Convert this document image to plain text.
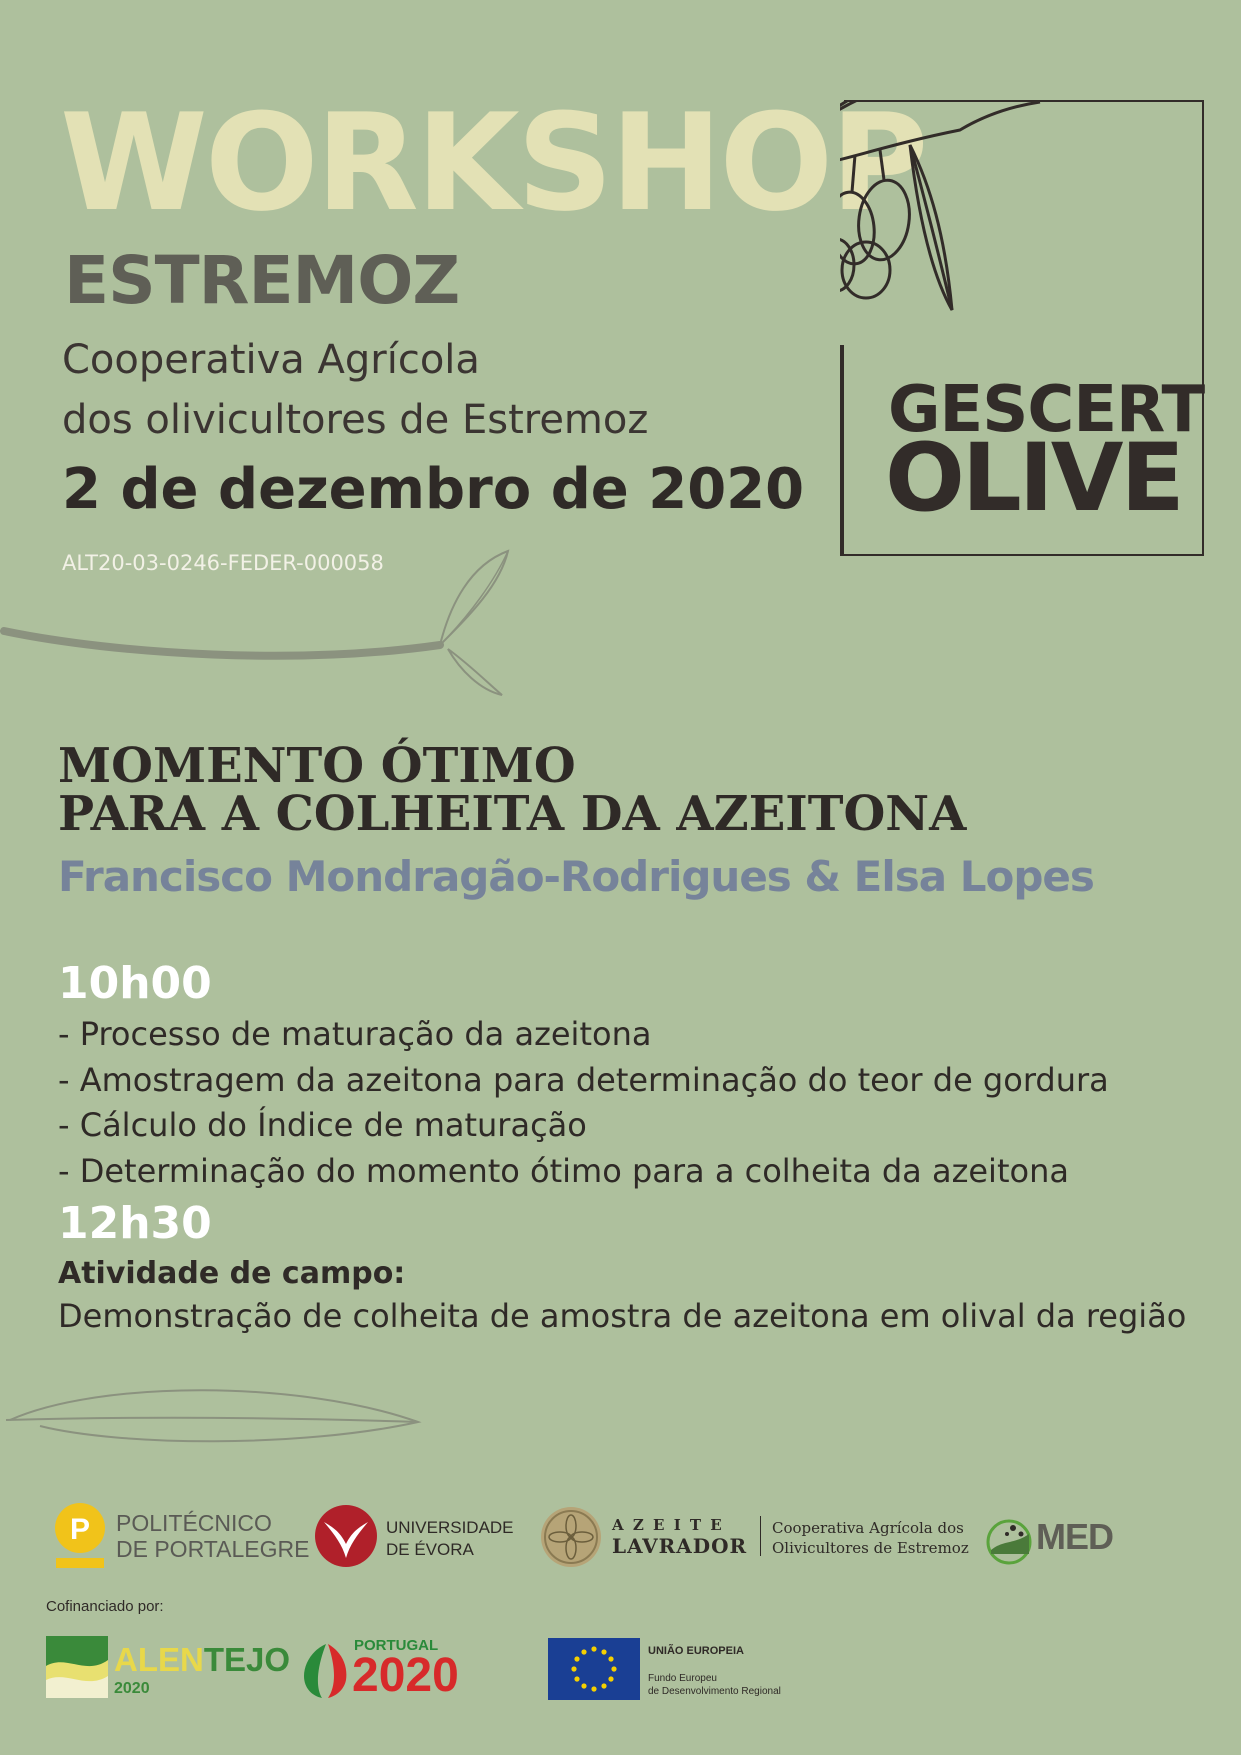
WORKSHOP
ESTREMOZ
Cooperativa Agrícola
dos olivicultores de Estremoz
2 de dezembro de 2020
ALT20-03-0246-FEDER-000058
GESCERT
OLIVE
MOMENTO ÓTIMO
PARA A COLHEITA DA AZEITONA
Francisco Mondragão-Rodrigues & Elsa Lopes
10h00
- Processo de maturação da azeitona
- Amostragem da azeitona para determinação do teor de gordura
- Cálculo do Índice de maturação
- Determinação do momento ótimo para a colheita da azeitona
12h30
Atividade de campo:
Demonstração de colheita de amostra de azeitona em olival da região
P POLITÉCNICO
DE PORTALEGRE
UNIVERSIDADE
DE ÉVORA
A Z E I T E
LAVRADOR
Cooperativa Agrícola dos
Olivicultores de Estremoz MED
Cofinanciado por:
ALENTEJO
2020
PORTUGAL
2020	UNIÃO EUROPEIA
Fundo Europeu
de Desenvolvimento Regional
